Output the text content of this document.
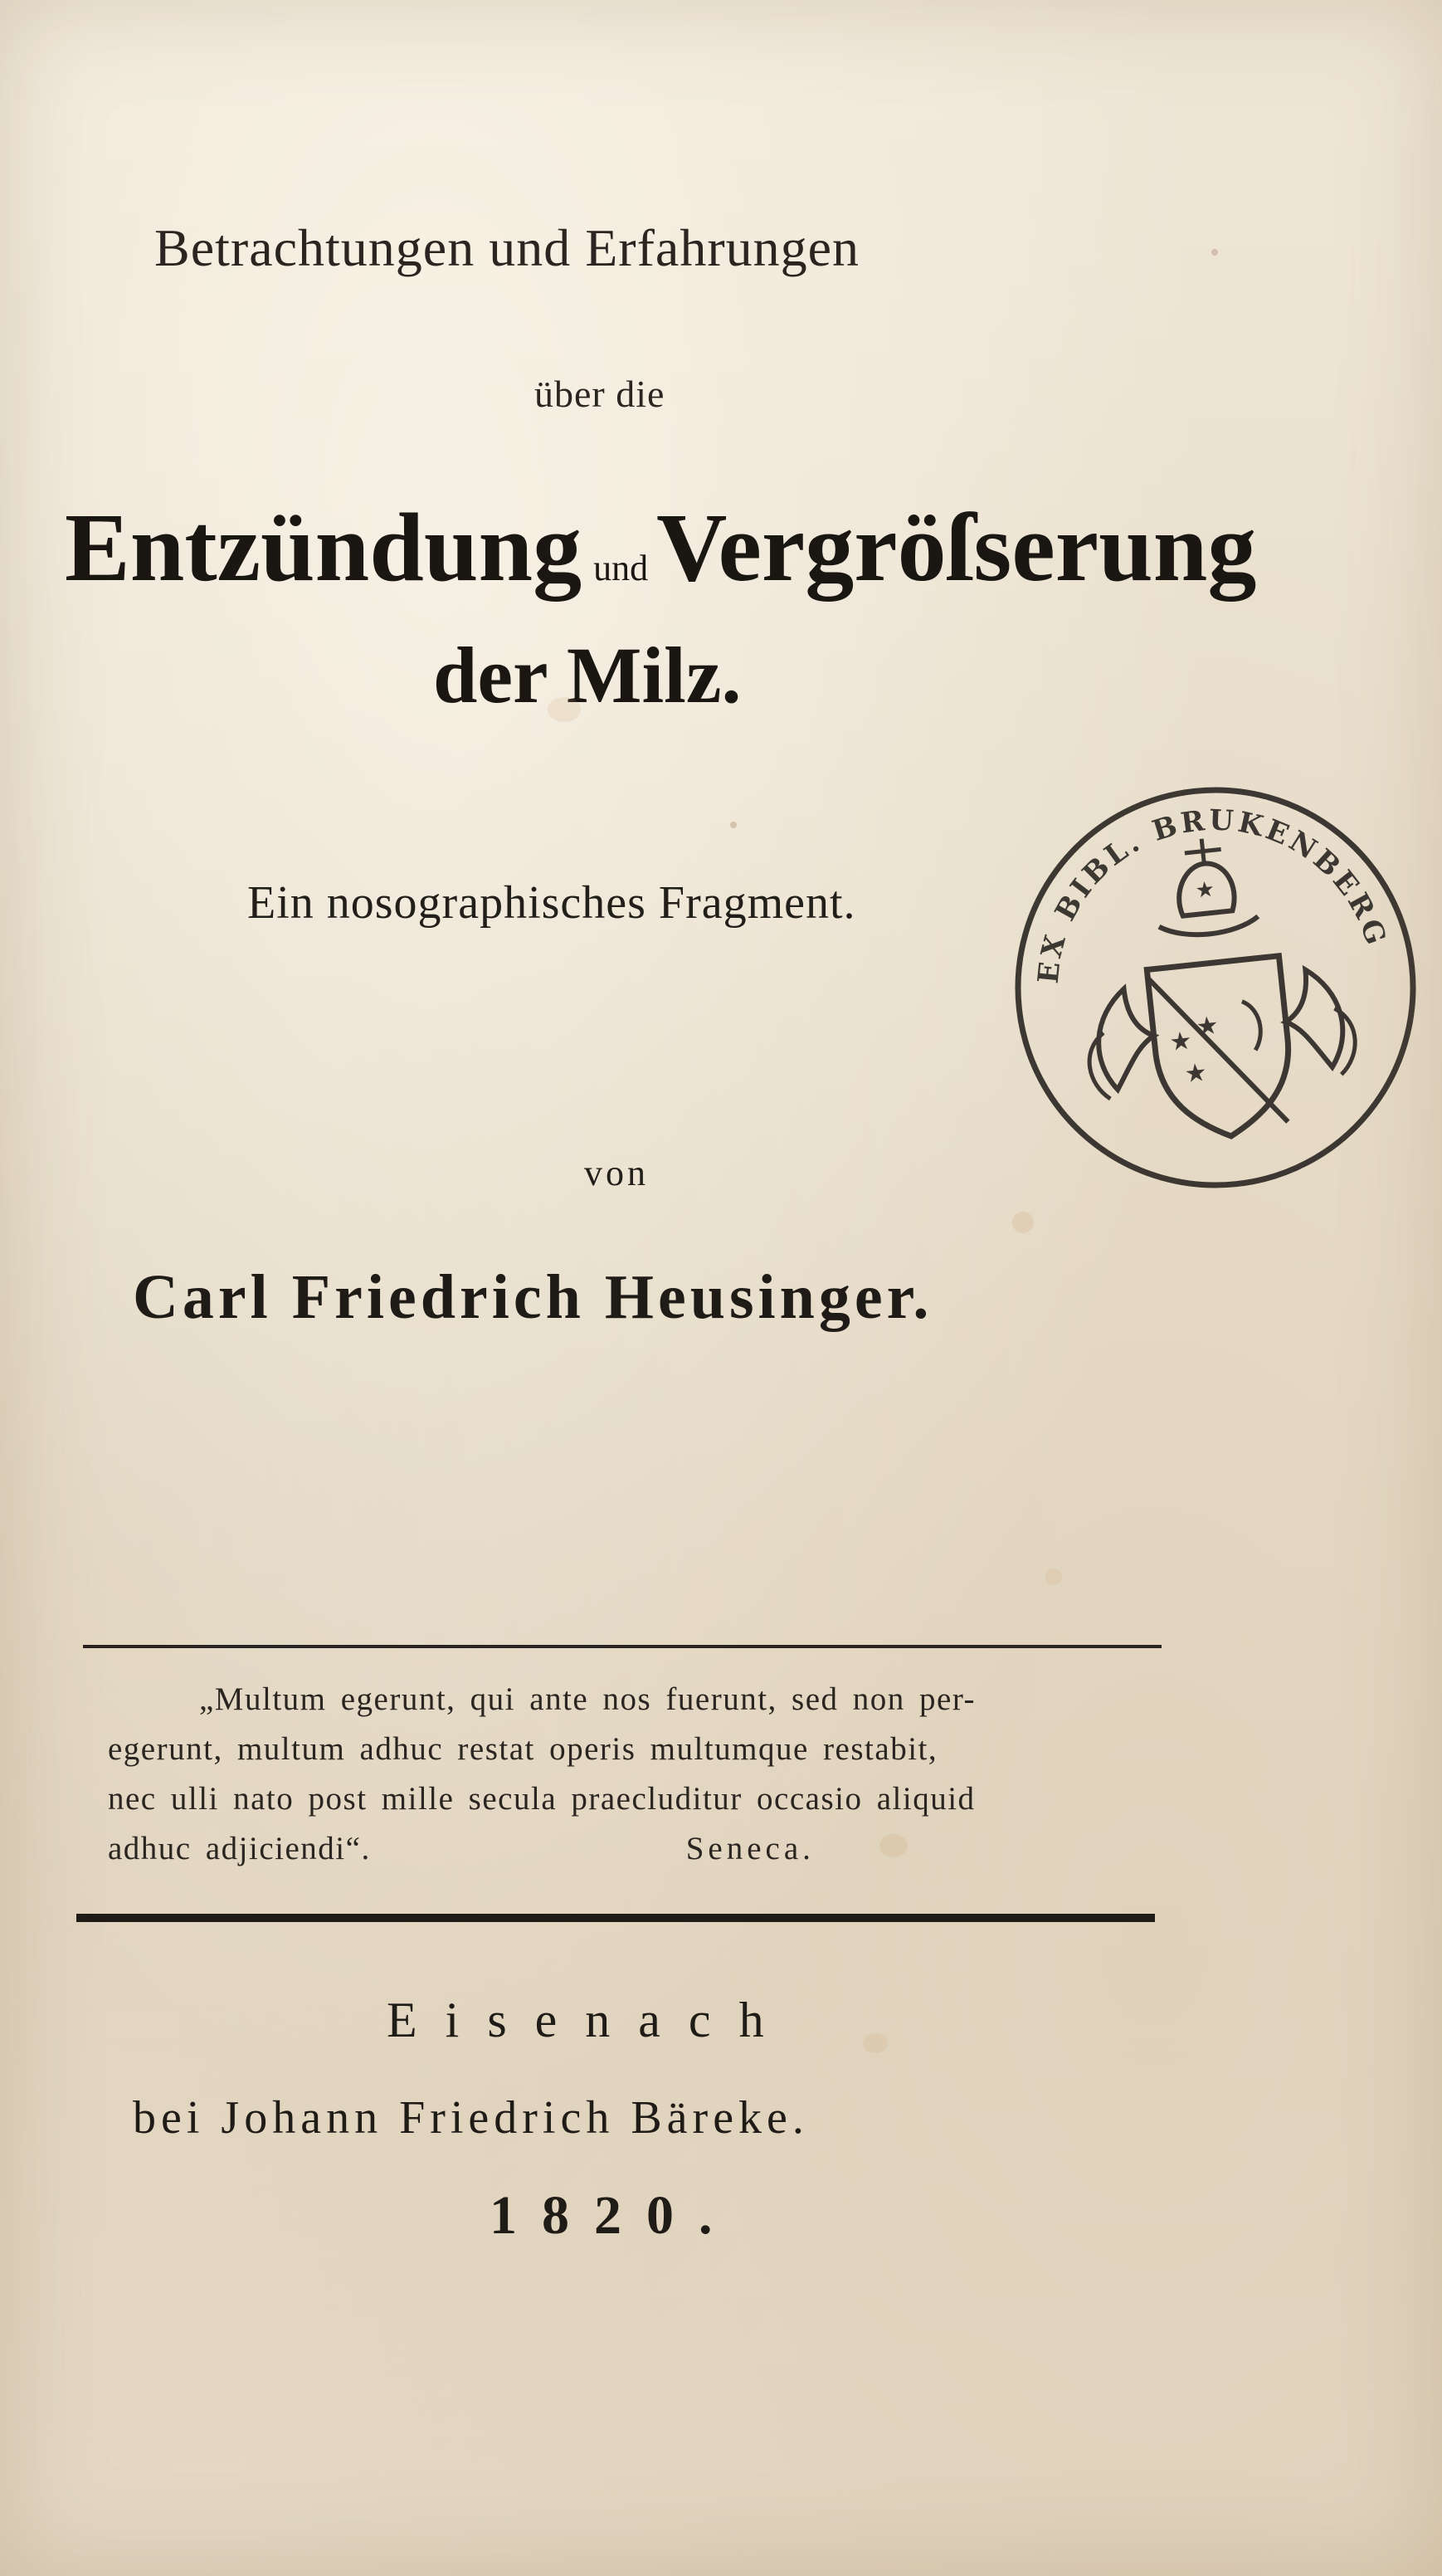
Betrachtungen und Erfahrungen

über die

Entzündung undVergröſserung

der Milz.

Ein nosographisches Fragment.

von

Carl Friedrich Heusinger.

„Multum egerunt, qui ante nos fuerunt, sed non per-
egerunt, multum adhuc restat operis multumque restabit,
nec ulli nato post mille secula praecluditur occasio aliquid
adhuc adjiciendi“.	Seneca.

Eisenach

bei Johann Friedrich Bäreke.

1820.

EX BIBL. BRUKENBERG
★
★ ★
★
